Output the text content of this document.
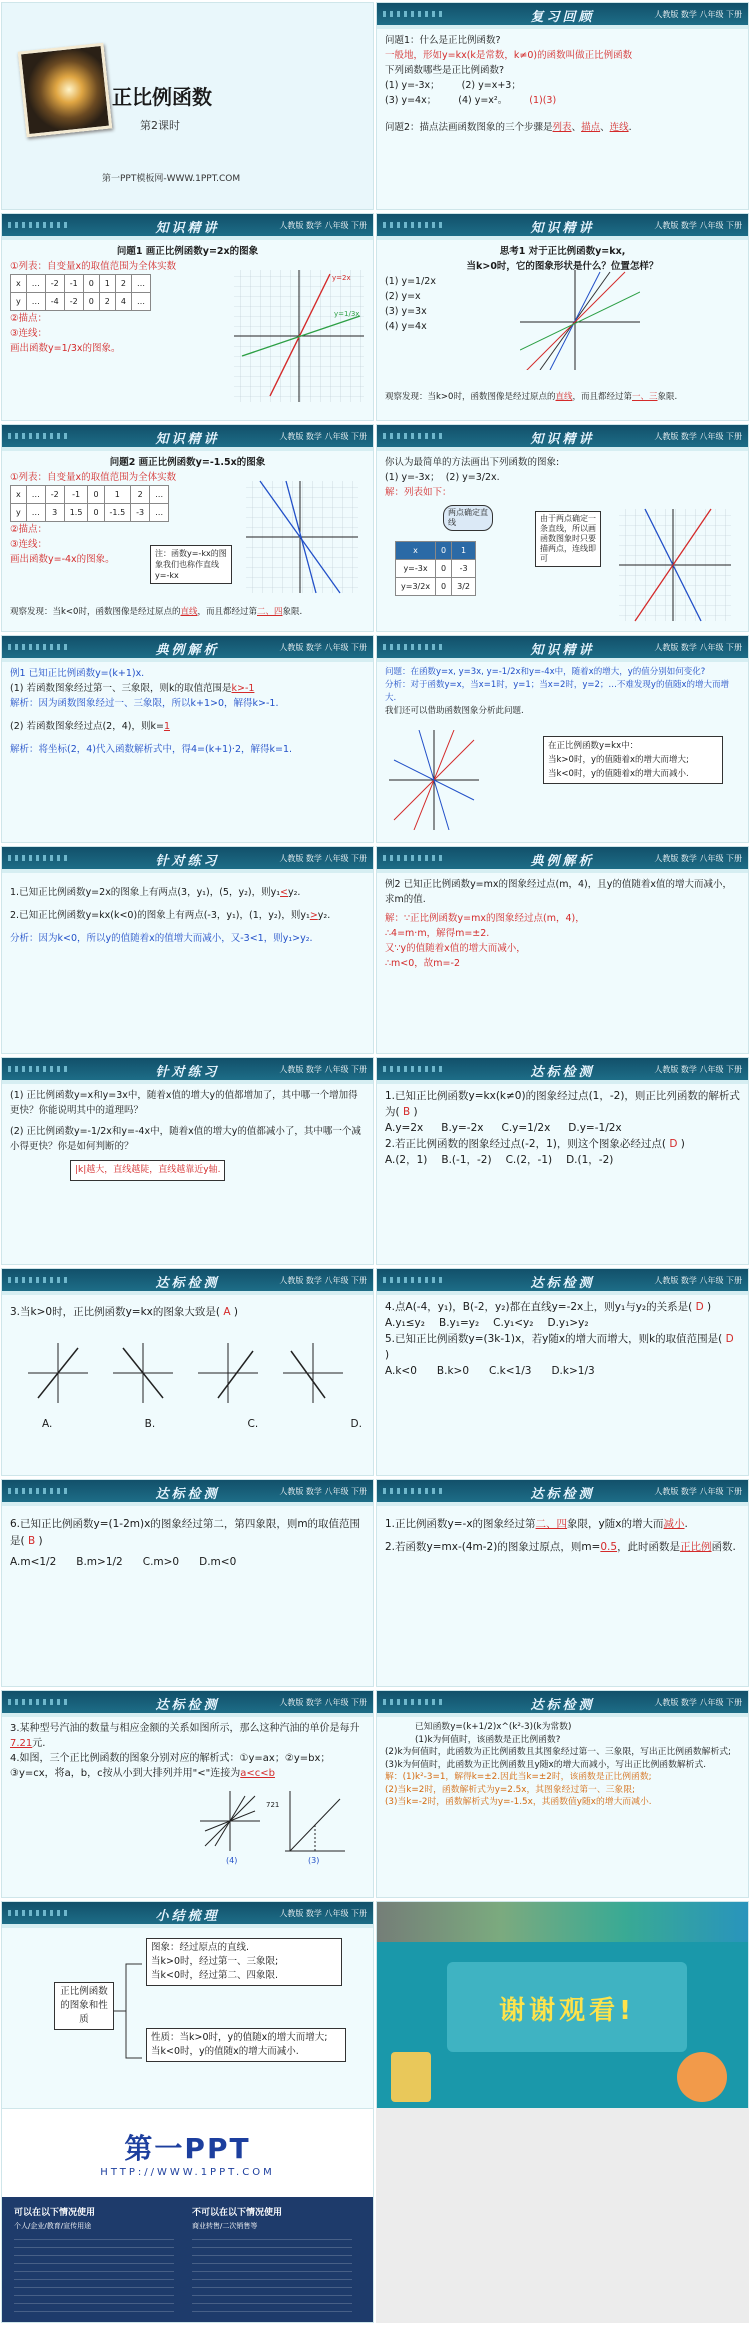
正比例函数
第2课时
第一PPT模板网-WWW.1PPT.COM
复习回顾	人教版 数学 八年级 下册
问题1：什么是正比例函数?
一般地，形如y=kx(k是常数，k≠0)的函数叫做正比例函数
下列函数哪些是正比例函数?
(1) y=-3x； (2) y=x+3；
(3) y=4x； (4) y=x²。 (1)(3)
问题2：描点法画函数图象的三个步骤是列表、描点、连线.
知识精讲	人教版 数学 八年级 下册
问题1 画正比例函数y=2x的图象
①列表：自变量x的取值范围为全体实数
x	…	-2	-1	0	1	2	…
y	…	-4	-2	0	2	4	…
②描点：
③连线：
画出函数y=1/3x的图象。
y=2x
y=1/3x
知识精讲	人教版 数学 八年级 下册
思考1 对于正比例函数y=kx,
当k>0时，它的图象形状是什么？位置怎样？
(1) y=1/2x
(2) y=x
(3) y=3x
(4) y=4x
观察发现：当k>0时，函数图像是经过原点的直线，而且都经过第一、三象限.
知识精讲	人教版 数学 八年级 下册
问题2 画正比例函数y=-1.5x的图象
①列表：自变量x的取值范围为全体实数
x	…	-2	-1	0	1	2	…
y	…	3	1.5	0	-1.5	-3	…
②描点：
③连线：
画出函数y=-4x的图象。
注：函数y=-kx的图象我们也称作直线y=-kx
观察发现：当k<0时，函数图像是经过原点的直线，而且都经过第二、四象限.
知识精讲	人教版 数学 八年级 下册
你认为最简单的方法画出下列函数的图象:
(1) y=-3x； (2) y=3/2x.
解：列表如下：
两点确定直线	由于两点确定一条直线，所以画函数图象时只要描两点，连线即可
x	0	1
y=-3x	0	-3
y=3/2x	0	3/2
典例解析	人教版 数学 八年级 下册
例1 已知正比例函数y=(k+1)x.
(1) 若函数图象经过第一、三象限，则k的取值范围是k>-1
解析：因为函数图象经过一、三象限，所以k+1>0，解得k>-1.
(2) 若函数图象经过点(2，4)，则k=1
解析：将坐标(2，4)代入函数解析式中，得4=(k+1)·2，解得k=1.
知识精讲	人教版 数学 八年级 下册
问题：在函数y=x, y=3x, y=-1/2x和y=-4x中，随着x的增大，y的值分别如何变化?
分析：对于函数y=x，当x=1时，y=1；当x=2时，y=2；…不难发现y的值随x的增大而增大.
我们还可以借助函数图象分析此问题.
在正比例函数y=kx中：
当k>0时，y的值随着x的增大而增大;
当k<0时，y的值随着x的增大而减小.
针对练习	人教版 数学 八年级 下册
1.已知正比例函数y=2x的图象上有两点(3，y₁)，(5，y₂)，则y₁<y₂.
2.已知正比例函数y=kx(k<0)的图象上有两点(-3，y₁)，(1，y₂)，则y₁>y₂.
分析：因为k<0，所以y的值随着x的值增大而减小，又-3<1，则y₁>y₂.
典例解析	人教版 数学 八年级 下册
例2 已知正比例函数y=mx的图象经过点(m，4)，且y的值随着x值的增大而减小，求m的值.
解：∵正比例函数y=mx的图象经过点(m，4)，
∴4=m·m，解得m=±2.
又∵y的值随着x值的增大而减小，
∴m<0，故m=-2
针对练习	人教版 数学 八年级 下册
(1) 正比例函数y=x和y=3x中，随着x值的增大y的值都增加了，其中哪一个增加得更快？你能说明其中的道理吗？
(2) 正比例函数y=-1/2x和y=-4x中，随着x值的增大y的值都减小了，其中哪一个减小得更快？你是如何判断的？
|k|越大，直线越陡，直线越靠近y轴.
达标检测	人教版 数学 八年级 下册
1.已知正比例函数y=kx(k≠0)的图象经过点(1，-2)，则正比列函数的解析式为( B )
A.y=2x B.y=-2x C.y=1/2x D.y=-1/2x
2.若正比例函数的图象经过点(-2，1)，则这个图象必经过点( D )
A.(2，1) B.(-1，-2) C.(2，-1) D.(1，-2)
达标检测	人教版 数学 八年级 下册
3.当k>0时，正比例函数y=kx的图象大致是( A )
A.	B.	C.	D.
达标检测	人教版 数学 八年级 下册
4.点A(-4，y₁)，B(-2，y₂)都在直线y=-2x上，则y₁与y₂的关系是( D )
A.y₁≤y₂ B.y₁=y₂ C.y₁<y₂ D.y₁>y₂
5.已知正比例函数y=(3k-1)x，若y随x的增大而增大，则k的取值范围是( D )
A.k<0 B.k>0 C.k<1/3 D.k>1/3
达标检测	人教版 数学 八年级 下册
6.已知正比例函数y=(1-2m)x的图象经过第二，第四象限，则m的取值范围是( B )
A.m<1/2 B.m>1/2 C.m>0 D.m<0
达标检测	人教版 数学 八年级 下册
1.正比例函数y=-x的图象经过第二、四象限，y随x的增大而减小.
2.若函数y=mx-(4m-2)的图象过原点，则m=0.5，此时函数是正比例函数.
达标检测	人教版 数学 八年级 下册
3.某种型号汽油的数量与相应金额的关系如图所示，那么这种汽油的单价是每升7.21元.
4.如图，三个正比例函数的图象分别对应的解析式：①y=ax；②y=bx；③y=cx，将a，b，c按从小到大排列并用"<"连接为a<c<b
(4)	(3)
721
达标检测	人教版 数学 八年级 下册
已知函数y=(k+1/2)x^(k²-3)(k为常数)
(1)k为何值时，该函数是正比例函数?
(2)k为何值时，此函数为正比例函数且其图象经过第一、三象限，写出正比例函数解析式;
(3)k为何值时，此函数为正比例函数且y随x的增大而减小，写出正比例函数解析式.
解：(1)k²-3=1，解得k=±2.因此当k=±2时，该函数是正比例函数;
(2)当k=2时，函数解析式为y=2.5x，其图象经过第一、三象限;
(3)当k=-2时，函数解析式为y=-1.5x，其函数值y随x的增大而减小.
小结梳理	人教版 数学 八年级 下册
正比例函数的图象和性质
图象：经过原点的直线.
当k>0时，经过第一、三象限;
当k<0时，经过第二、四象限.
性质：当k>0时，y的值随x的增大而增大;
当k<0时，y的值随x的增大而减小.
谢谢观看!
第一PPT
HTTP://WWW.1PPT.COM
可以在以下情况使用	不可以在以下情况使用
个人/企业/教育/宣传用途	商业转售/二次销售等
